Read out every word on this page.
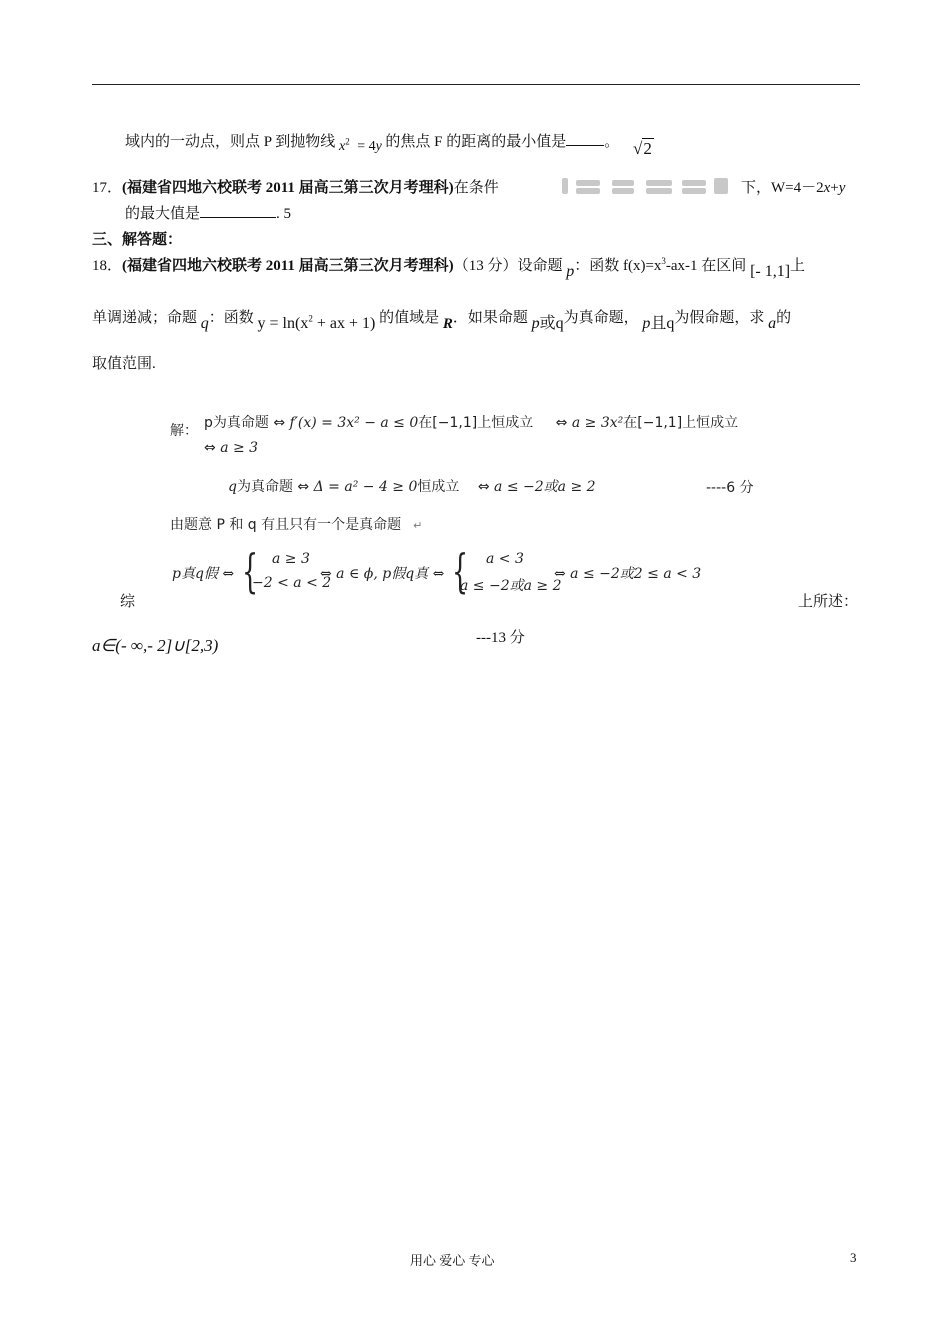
域内的一动点，则点 P 到抛物线 $x^2 = 4y$ 的焦点 F 的距离的最小值是	。 √2
17．(福建省四地六校联考 2011 届高三第三次月考理科)在条件	下，W=4－2x+y
的最大值是	. 5
三、解答题：
18．(福建省四地六校联考 2011 届高三第三次月考理科)（13 分）设命题 p：函数 $f(x)=x^3-ax-1$ 在区间 [- 1,1]上
单调递减；命题 q：函数 $y = \ln(x^2$ + ax + 1) 的值域是 R．如果命题 p或q为真命题， p且q为假命题，求 a的
取值范围.
解： p为真命题 ⇔ f′(x) = 3x² − a ≤ 0在[−1,1]上恒成立 ⇔ a ≥ 3x²在[−1,1]上恒成立
⇔ a ≥ 3
q为真命题 ⇔ Δ = a² − 4 ≥ 0恒成立 ⇔ a ≤ −2或a ≥ 2	----6 分
由题意 P 和 q 有且只有一个是真命题 ↵
p真q假 ⇔ { a ≥ 3
−2 < a < 2
⇔ a ∈ ϕ, p假q真 ⇔ { a < 3
a ≤ −2或a ≥ 2
⇔ a ≤ −2或2 ≤ a < 3
综	上所述：
a∈(- ∞,- 2]∪[2,3)	---13 分
用心 爱心 专心	3
